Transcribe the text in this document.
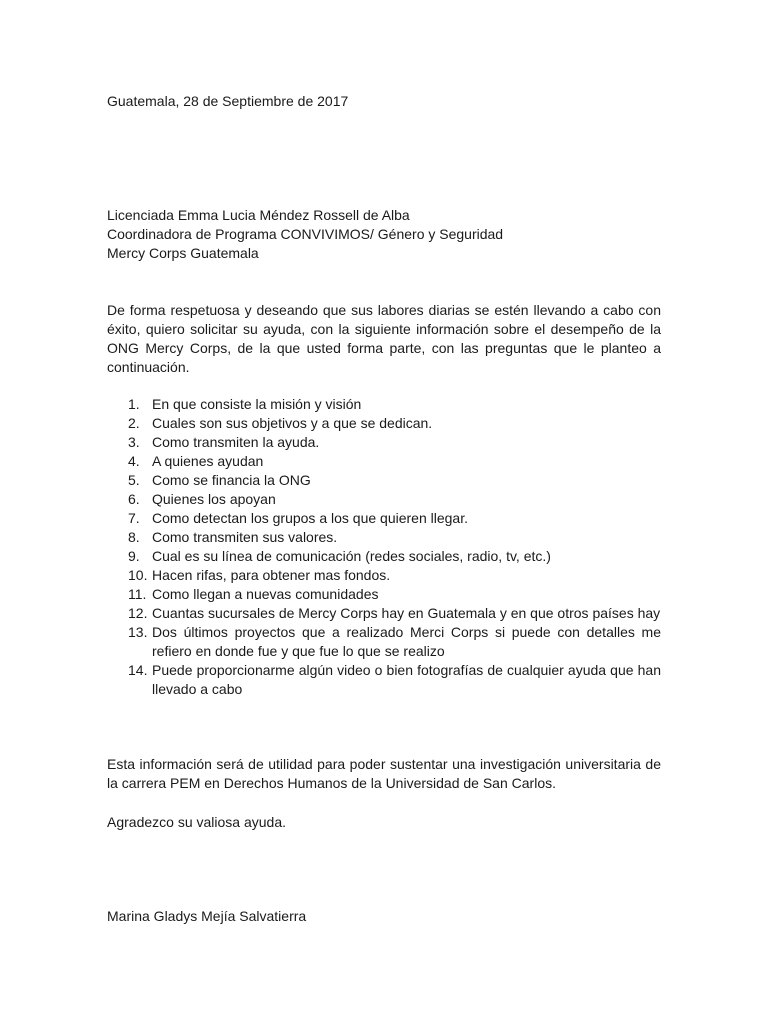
Guatemala, 28 de Septiembre de 2017
Licenciada Emma Lucia Méndez Rossell de Alba
Coordinadora de Programa CONVIVIMOS/ Género y Seguridad
Mercy Corps Guatemala
De forma respetuosa y deseando que sus labores diarias se estén llevando a cabo con éxito, quiero solicitar su ayuda, con la siguiente información sobre el desempeño de la ONG Mercy Corps, de la que usted forma parte, con las preguntas que le planteo a continuación.
1. En que consiste la misión y visión
2. Cuales son sus objetivos y a que se dedican.
3. Como transmiten la ayuda.
4. A quienes ayudan
5. Como se financia la ONG
6. Quienes los apoyan
7. Como detectan los grupos a los que quieren llegar.
8. Como transmiten sus valores.
9. Cual es su línea de comunicación (redes sociales, radio, tv, etc.)
10. Hacen rifas, para obtener mas fondos.
11. Como llegan a nuevas comunidades
12. Cuantas sucursales de Mercy Corps hay en Guatemala y en que otros países hay
13. Dos últimos proyectos que a realizado Merci Corps si puede con detalles me refiero en donde fue y que fue lo que se realizo
14. Puede proporcionarme algún video o bien fotografías de cualquier ayuda que han llevado a cabo
Esta información será de utilidad para poder sustentar una investigación universitaria de la carrera PEM en Derechos Humanos de la Universidad de San Carlos.
Agradezco su valiosa ayuda.
Marina Gladys Mejía Salvatierra
